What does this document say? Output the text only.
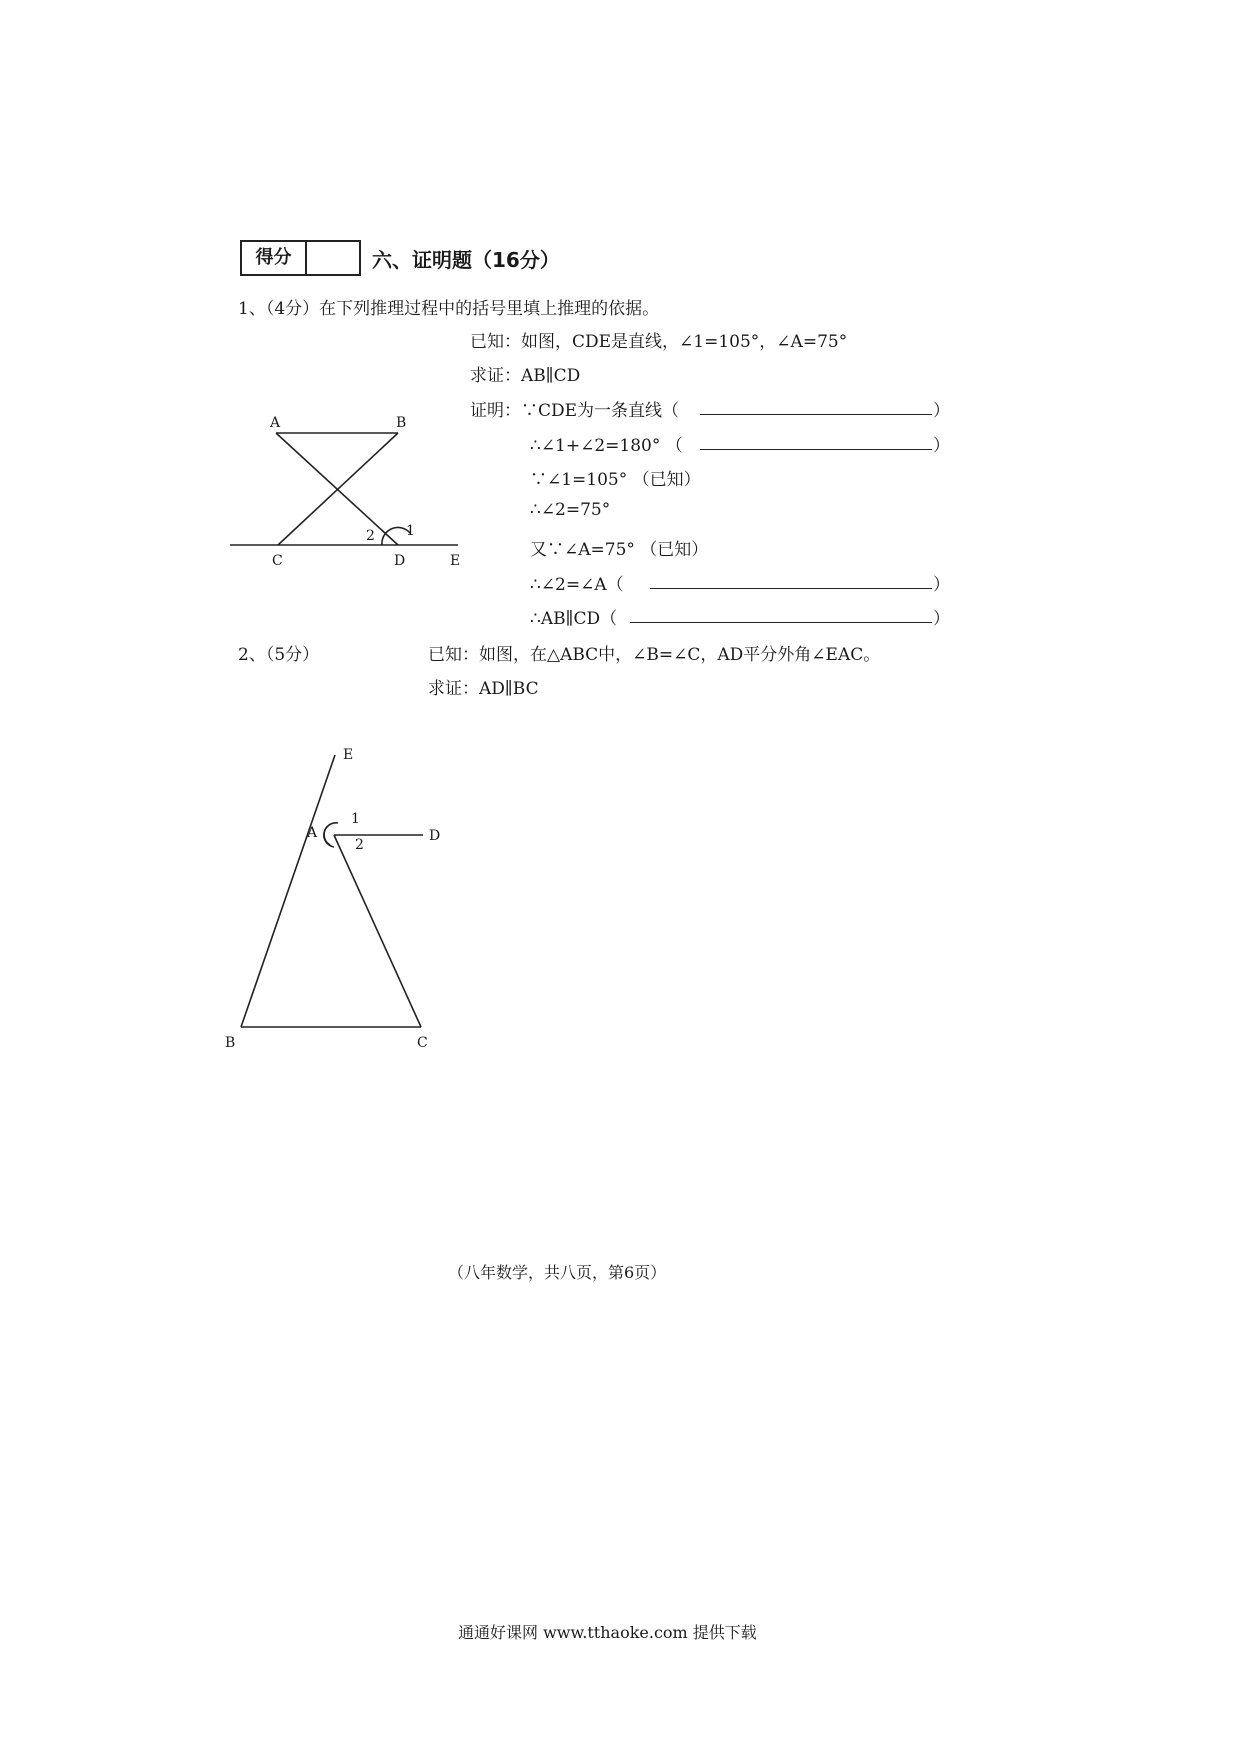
得分	六、证明题（16分）
1、（4分）在下列推理过程中的括号里填上推理的依据。
已知：如图，CDE是直线，∠1=105°，∠A=75°
求证：AB∥CD
证明：∵CDE为一条直线（	）
∴∠1+∠2=180° （	）
∵∠1=105° （已知）
∴∠2=75°
又∵∠A=75° （已知）
∴∠2=∠A（	）
∴AB∥CD（	）
A	B
C	D	E
1
2
2、（5分）	已知：如图，在△ABC中，∠B=∠C，AD平分外角∠EAC。
求证：AD∥BC
E
A	D
B	C
1
2
（八年数学，共八页，第6页）
通通好课网 www.tthaoke.com 提供下载
